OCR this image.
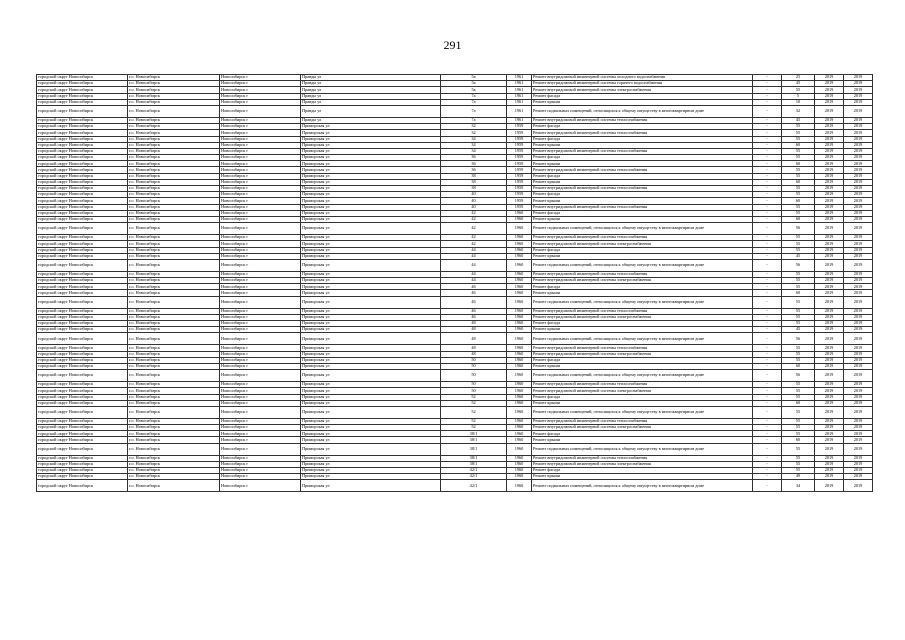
291
городской округ Новосибирск	г.о. Новосибирск	Новосибирск г	Правды ул	5а	1961	Ремонт внутридомовой инженерной системы холодного водоснабжения	-	25	2019	2019
городской округ Новосибирск	г.о. Новосибирск	Новосибирск г	Правды ул	5а	1961	Ремонт внутридомовой инженерной системы горячего водоснабжения	-	45	2019	2019
городской округ Новосибирск	г.о. Новосибирск	Новосибирск г	Правды ул	5а	1961	Ремонт внутридомовой инженерной системы электроснабжения	-	55	2019	2019
городской округ Новосибирск	г.о. Новосибирск	Новосибирск г	Правды ул	7а	1961	Ремонт фасада	-	5	2019	2019
городской округ Новосибирск	г.о. Новосибирск	Новосибирск г	Правды ул	7а	1961	Ремонт крыши	-	10	2019	2019
городской округ Новосибирск	г.о. Новосибирск	Новосибирск г	Правды ул	7а	1961	Ремонт подвальных помещений, относящихся к общему имуществу в многоквартирном доме	-	32	2019	2019
городской округ Новосибирск	г.о. Новосибирск	Новосибирск г	Правды ул	7а	1961	Ремонт внутридомовой инженерной системы теплоснабжения	-	45	2019	2019
городской округ Новосибирск	г.о. Новосибирск	Новосибирск г	Приморская ул	32	1959	Ремонт фасада	-	55	2019	2019
городской округ Новосибирск	г.о. Новосибирск	Новосибирск г	Приморская ул	32	1959	Ремонт внутридомовой инженерной системы теплоснабжения	-	55	2019	2019
городской округ Новосибирск	г.о. Новосибирск	Новосибирск г	Приморская ул	34	1959	Ремонт фасада	-	55	2019	2019
городской округ Новосибирск	г.о. Новосибирск	Новосибирск г	Приморская ул	34	1959	Ремонт крыши	-	60	2019	2019
городской округ Новосибирск	г.о. Новосибирск	Новосибирск г	Приморская ул	34	1959	Ремонт внутридомовой инженерной системы теплоснабжения	-	55	2019	2019
городской округ Новосибирск	г.о. Новосибирск	Новосибирск г	Приморская ул	36	1959	Ремонт фасада	-	55	2019	2019
городской округ Новосибирск	г.о. Новосибирск	Новосибирск г	Приморская ул	36	1959	Ремонт крыши	-	60	2019	2019
городской округ Новосибирск	г.о. Новосибирск	Новосибирск г	Приморская ул	36	1959	Ремонт внутридомовой инженерной системы теплоснабжения	-	55	2019	2019
городской округ Новосибирск	г.о. Новосибирск	Новосибирск г	Приморская ул	38	1959	Ремонт фасада	-	55	2019	2019
городской округ Новосибирск	г.о. Новосибирск	Новосибирск г	Приморская ул	38	1959	Ремонт крыши	-	60	2019	2019
городской округ Новосибирск	г.о. Новосибирск	Новосибирск г	Приморская ул	38	1959	Ремонт внутридомовой инженерной системы теплоснабжения	-	55	2019	2019
городской округ Новосибирск	г.о. Новосибирск	Новосибирск г	Приморская ул	40	1959	Ремонт фасада	-	55	2019	2019
городской округ Новосибирск	г.о. Новосибирск	Новосибирск г	Приморская ул	40	1959	Ремонт крыши	-	60	2019	2019
городской округ Новосибирск	г.о. Новосибирск	Новосибирск г	Приморская ул	40	1959	Ремонт внутридомовой инженерной системы теплоснабжения	-	55	2019	2019
городской округ Новосибирск	г.о. Новосибирск	Новосибирск г	Приморская ул	42	1960	Ремонт фасада	-	55	2019	2019
городской округ Новосибирск	г.о. Новосибирск	Новосибирск г	Приморская ул	42	1960	Ремонт крыши	-	60	2019	2019
городской округ Новосибирск	г.о. Новосибирск	Новосибирск г	Приморская ул	42	1960	Ремонт подвальных помещений, относящихся к общему имуществу в многоквартирном доме	-	56	2019	2019
городской округ Новосибирск	г.о. Новосибирск	Новосибирск г	Приморская ул	42	1960	Ремонт внутридомовой инженерной системы теплоснабжения	-	55	2019	2019
городской округ Новосибирск	г.о. Новосибирск	Новосибирск г	Приморская ул	42	1960	Ремонт внутридомовой инженерной системы электроснабжения	-	55	2019	2019
городской округ Новосибирск	г.о. Новосибирск	Новосибирск г	Приморская ул	44	1960	Ремонт фасада	-	55	2019	2019
городской округ Новосибирск	г.о. Новосибирск	Новосибирск г	Приморская ул	44	1960	Ремонт крыши	-	45	2019	2019
городской округ Новосибирск	г.о. Новосибирск	Новосибирск г	Приморская ул	44	1960	Ремонт подвальных помещений, относящихся к общему имуществу в многоквартирном доме	-	56	2019	2019
городской округ Новосибирск	г.о. Новосибирск	Новосибирск г	Приморская ул	44	1960	Ремонт внутридомовой инженерной системы теплоснабжения	-	55	2019	2019
городской округ Новосибирск	г.о. Новосибирск	Новосибирск г	Приморская ул	44	1960	Ремонт внутридомовой инженерной системы электроснабжения	-	55	2019	2019
городской округ Новосибирск	г.о. Новосибирск	Новосибирск г	Приморская ул	46	1960	Ремонт фасада	-	55	2019	2019
городской округ Новосибирск	г.о. Новосибирск	Новосибирск г	Приморская ул	46	1960	Ремонт крыши	-	60	2019	2019
городской округ Новосибирск	г.о. Новосибирск	Новосибирск г	Приморская ул	46	1960	Ремонт подвальных помещений, относящихся к общему имуществу в многоквартирном доме	-	55	2019	2019
городской округ Новосибирск	г.о. Новосибирск	Новосибирск г	Приморская ул	46	1960	Ремонт внутридомовой инженерной системы теплоснабжения	-	55	2019	2019
городской округ Новосибирск	г.о. Новосибирск	Новосибирск г	Приморская ул	46	1960	Ремонт внутридомовой инженерной системы электроснабжения	-	55	2019	2019
городской округ Новосибирск	г.о. Новосибирск	Новосибирск г	Приморская ул	48	1960	Ремонт фасада	-	55	2019	2019
городской округ Новосибирск	г.о. Новосибирск	Новосибирск г	Приморская ул	48	1960	Ремонт крыши	-	45	2019	2019
городской округ Новосибирск	г.о. Новосибирск	Новосибирск г	Приморская ул	48	1960	Ремонт подвальных помещений, относящихся к общему имуществу в многоквартирном доме	-	56	2019	2019
городской округ Новосибирск	г.о. Новосибирск	Новосибирск г	Приморская ул	48	1960	Ремонт внутридомовой инженерной системы теплоснабжения	-	55	2019	2019
городской округ Новосибирск	г.о. Новосибирск	Новосибирск г	Приморская ул	48	1960	Ремонт внутридомовой инженерной системы электроснабжения	-	55	2019	2019
городской округ Новосибирск	г.о. Новосибирск	Новосибирск г	Приморская ул	50	1960	Ремонт фасада	-	55	2019	2019
городской округ Новосибирск	г.о. Новосибирск	Новосибирск г	Приморская ул	50	1960	Ремонт крыши	-	60	2019	2019
городской округ Новосибирск	г.о. Новосибирск	Новосибирск г	Приморская ул	50	1960	Ремонт подвальных помещений, относящихся к общему имуществу в многоквартирном доме	-	56	2019	2019
городской округ Новосибирск	г.о. Новосибирск	Новосибирск г	Приморская ул	50	1960	Ремонт внутридомовой инженерной системы теплоснабжения	-	55	2019	2019
городской округ Новосибирск	г.о. Новосибирск	Новосибирск г	Приморская ул	50	1960	Ремонт внутридомовой инженерной системы электроснабжения	-	55	2019	2019
городской округ Новосибирск	г.о. Новосибирск	Новосибирск г	Приморская ул	52	1960	Ремонт фасада	-	55	2019	2019
городской округ Новосибирск	г.о. Новосибирск	Новосибирск г	Приморская ул	52	1960	Ремонт крыши	-	60	2019	2019
городской округ Новосибирск	г.о. Новосибирск	Новосибирск г	Приморская ул	52	1960	Ремонт подвальных помещений, относящихся к общему имуществу в многоквартирном доме	-	55	2019	2019
городской округ Новосибирск	г.о. Новосибирск	Новосибирск г	Приморская ул	52	1960	Ремонт внутридомовой инженерной системы теплоснабжения	-	55	2019	2019
городской округ Новосибирск	г.о. Новосибирск	Новосибирск г	Приморская ул	52	1960	Ремонт внутридомовой инженерной системы электроснабжения	-	55	2019	2019
городской округ Новосибирск	г.о. Новосибирск	Новосибирск г	Приморская ул	38/1	1960	Ремонт фасада	-	55	2019	2019
городской округ Новосибирск	г.о. Новосибирск	Новосибирск г	Приморская ул	38/1	1960	Ремонт крыши	-	60	2019	2019
городской округ Новосибирск	г.о. Новосибирск	Новосибирск г	Приморская ул	38/1	1960	Ремонт подвальных помещений, относящихся к общему имуществу в многоквартирном доме	-	55	2019	2019
городской округ Новосибирск	г.о. Новосибирск	Новосибирск г	Приморская ул	38/1	1960	Ремонт внутридомовой инженерной системы теплоснабжения	-	55	2019	2019
городской округ Новосибирск	г.о. Новосибирск	Новосибирск г	Приморская ул	38/1	1960	Ремонт внутридомовой инженерной системы электроснабжения	-	55	2019	2019
городской округ Новосибирск	г.о. Новосибирск	Новосибирск г	Приморская ул	42/1	1960	Ремонт фасада	-	55	2019	2019
городской округ Новосибирск	г.о. Новосибирск	Новосибирск г	Приморская ул	42/1	1960	Ремонт крыши	-	49	2019	2019
городской округ Новосибирск	г.о. Новосибирск	Новосибирск г	Приморская ул	42/1	1960	Ремонт подвальных помещений, относящихся к общему имуществу в многоквартирном доме	-	34	2019	2019
